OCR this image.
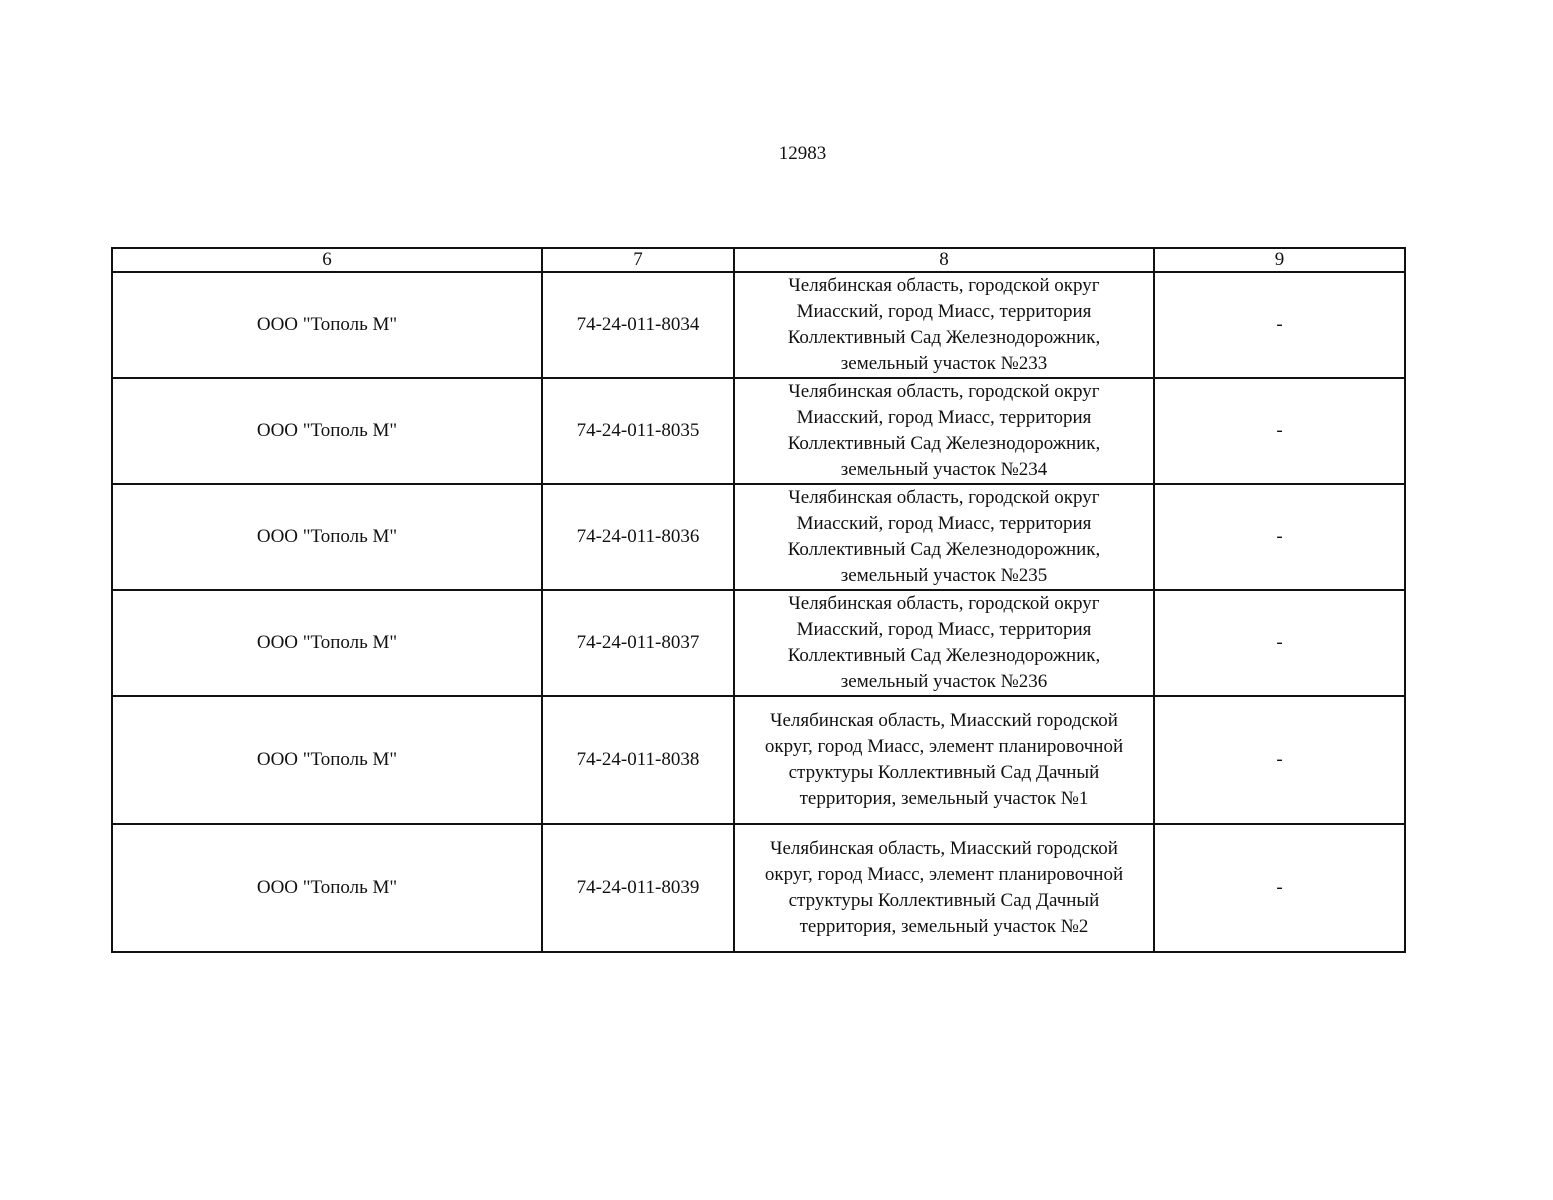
12983
6	7	8	9
ООО "Тополь М"	74-24-011-8034	Челябинская область, городской округ
Миасский, город Миасс, территория
Коллективный Сад Железнодорожник,
земельный участок №233	-
ООО "Тополь М"	74-24-011-8035	Челябинская область, городской округ
Миасский, город Миасс, территория
Коллективный Сад Железнодорожник,
земельный участок №234	-
ООО "Тополь М"	74-24-011-8036	Челябинская область, городской округ
Миасский, город Миасс, территория
Коллективный Сад Железнодорожник,
земельный участок №235	-
ООО "Тополь М"	74-24-011-8037	Челябинская область, городской округ
Миасский, город Миасс, территория
Коллективный Сад Железнодорожник,
земельный участок №236	-
ООО "Тополь М"	74-24-011-8038	Челябинская область, Миасский городской
округ, город Миасс, элемент планировочной
структуры Коллективный Сад Дачный
территория, земельный участок №1	-
ООО "Тополь М"	74-24-011-8039	Челябинская область, Миасский городской
округ, город Миасс, элемент планировочной
структуры Коллективный Сад Дачный
территория, земельный участок №2	-
